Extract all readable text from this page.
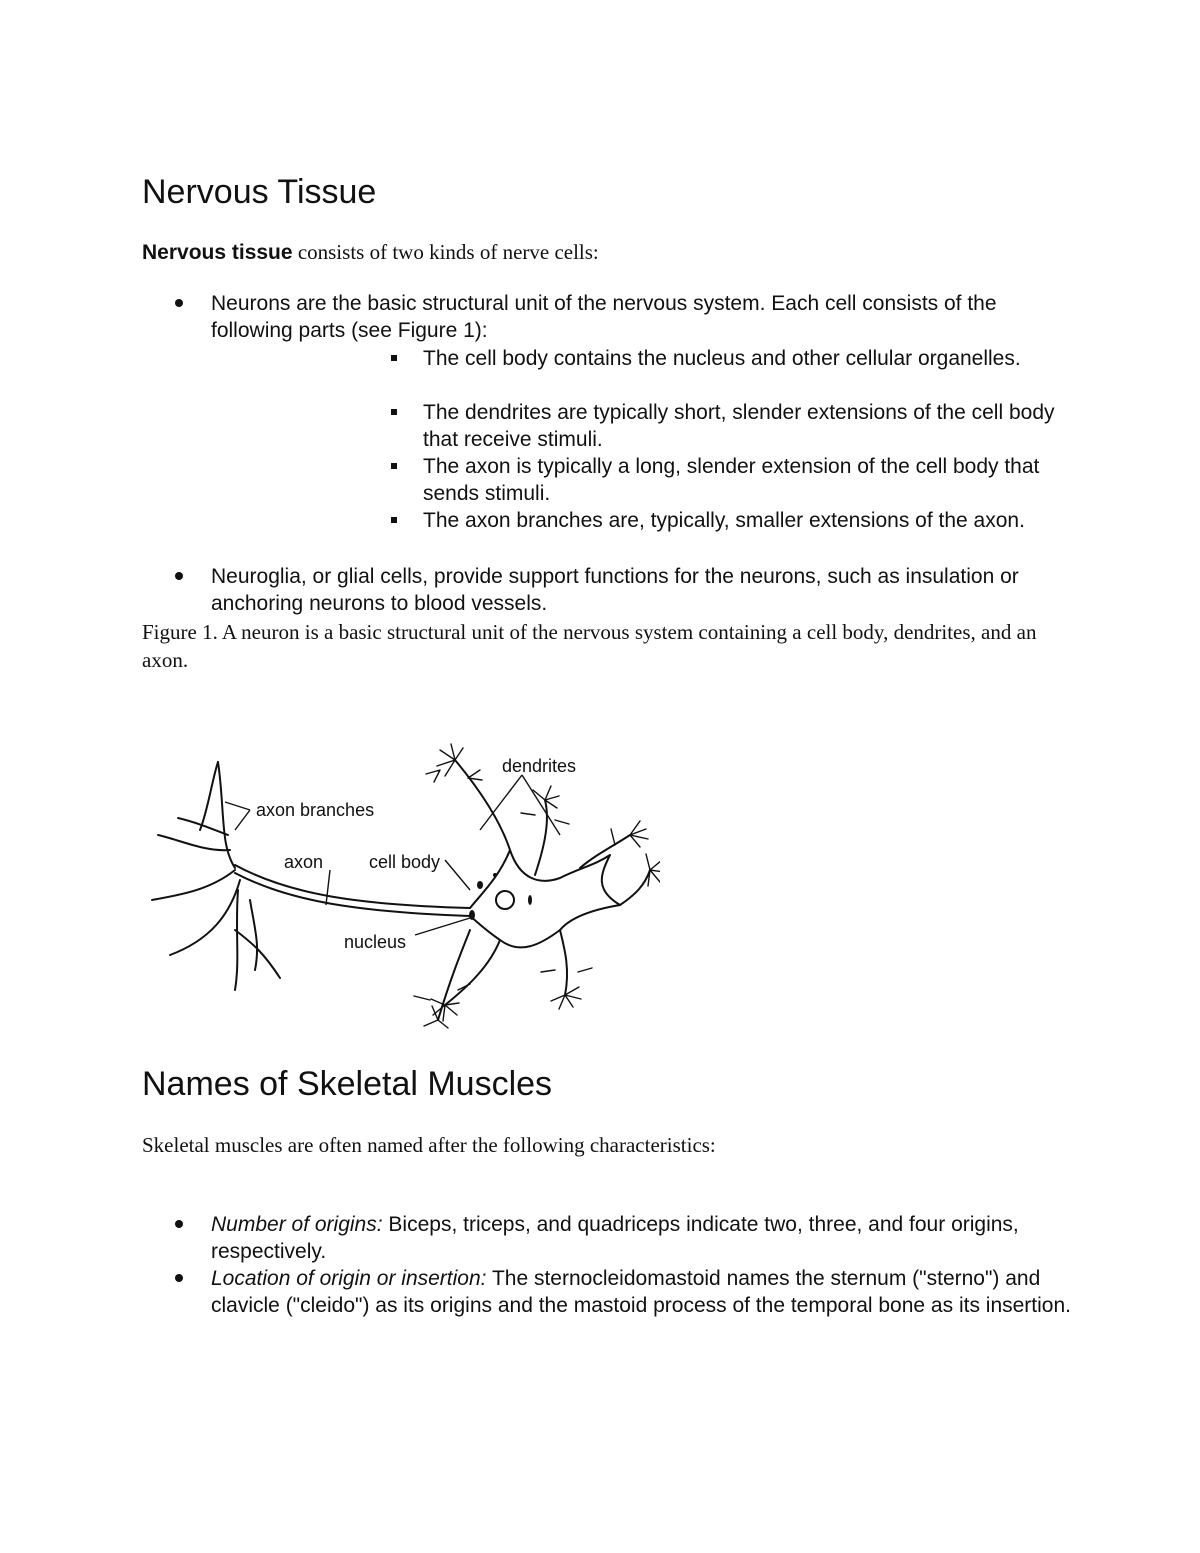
Nervous Tissue

Nervous tissue consists of two kinds of nerve cells:

Neurons are the basic structural unit of the nervous system. Each cell consists of the following parts (see Figure 1):

The cell body contains the nucleus and other cellular organelles.

The dendrites are typically short, slender extensions of the cell body that receive stimuli.

The axon is typically a long, slender extension of the cell body that sends stimuli.

The axon branches are, typically, smaller extensions of the axon.

Neuroglia, or glial cells, provide support functions for the neurons, such as insulation or anchoring neurons to blood vessels.

Figure 1. A neuron is a basic structural unit of the nervous system containing a cell body, dendrites, and an axon.

dendrites
axon branches
axon	cell body
nucleus
Names of Skeletal Muscles

Skeletal muscles are often named after the following characteristics:

Number of origins: Biceps, triceps, and quadriceps indicate two, three, and four origins, respectively.

Location of origin or insertion: The sternocleidomastoid names the sternum ("sterno") and clavicle ("cleido") as its origins and the mastoid process of the temporal bone as its insertion.
